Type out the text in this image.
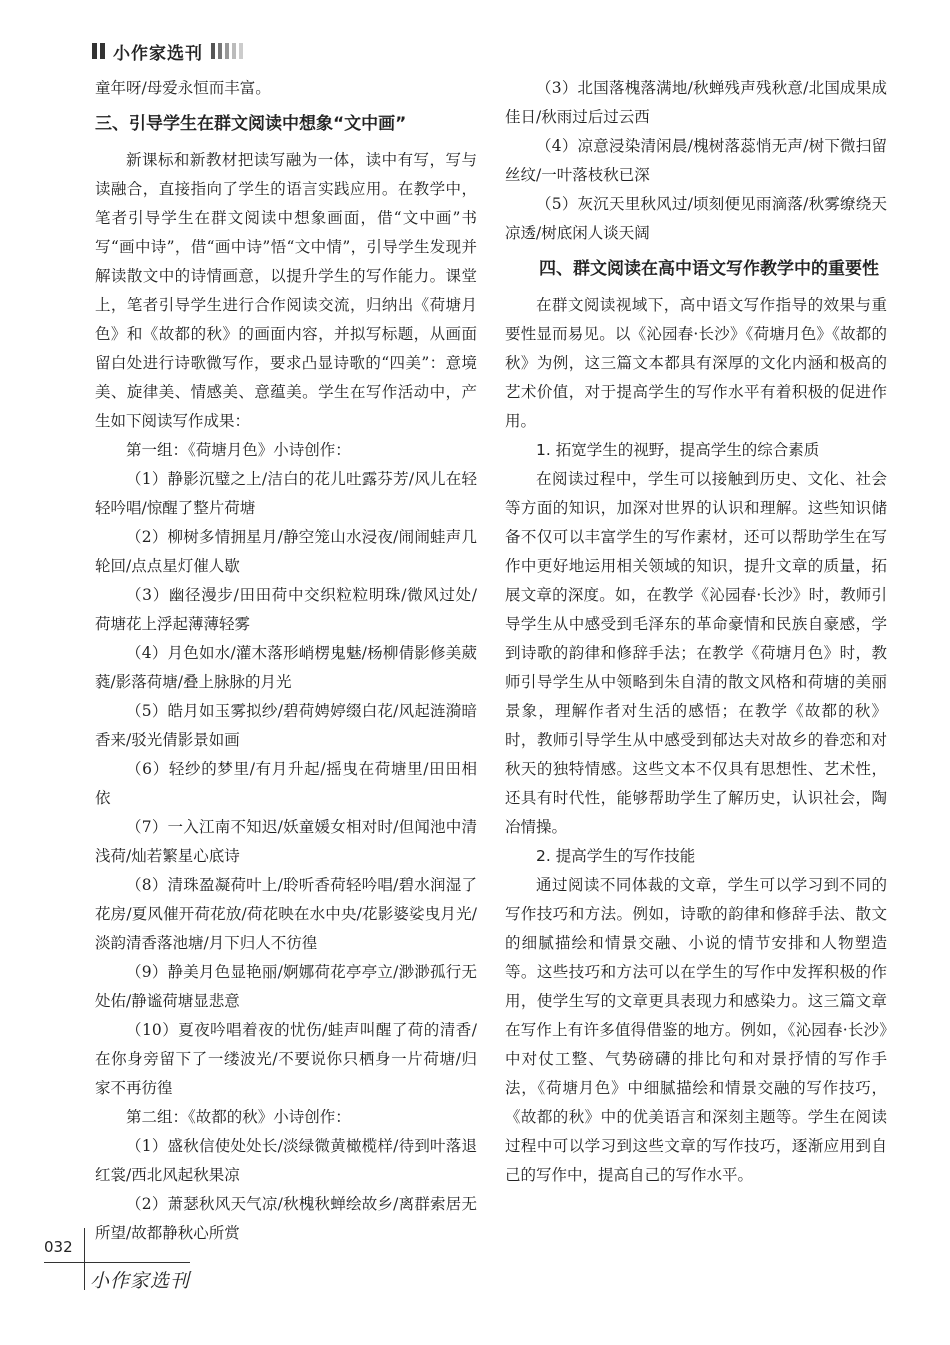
小作家选刊

童年呀/母爱永恒而丰富。

三、引导学生在群文阅读中想象“文中画”

新课标和新教材把读写融为一体，读中有写，写与读融合，直接指向了学生的语言实践应用。在教学中，笔者引导学生在群文阅读中想象画面，借“文中画”书写“画中诗”，借“画中诗”悟“文中情”，引导学生发现并解读散文中的诗情画意，以提升学生的写作能力。课堂上，笔者引导学生进行合作阅读交流，归纳出《荷塘月色》和《故都的秋》的画面内容，并拟写标题，从画面留白处进行诗歌微写作，要求凸显诗歌的“四美”：意境美、旋律美、情感美、意蕴美。学生在写作活动中，产生如下阅读写作成果：

第一组：《荷塘月色》小诗创作：

（1）静影沉璧之上/洁白的花儿吐露芬芳/风儿在轻轻吟唱/惊醒了整片荷塘

（2）柳树多情拥星月/静空笼山水浸夜/闹闹蛙声几轮回/点点星灯催人歇

（3）幽径漫步/田田荷中交织粒粒明珠/微风过处/荷塘花上浮起薄薄轻雾

（4）月色如水/灌木落形峭楞鬼魅/杨柳倩影修美葳蕤/影落荷塘/叠上脉脉的月光

（5）皓月如玉雾拟纱/碧荷娉婷缀白花/风起涟漪暗香来/驳光倩影景如画

（6）轻纱的梦里/有月升起/摇曳在荷塘里/田田相依

（7）一入江南不知迟/妖童媛女相对时/但闻池中清浅荷/灿若繁星心底诗

（8）清珠盈凝荷叶上/聆听香荷轻吟唱/碧水润湿了花房/夏风催开荷花放/荷花映在水中央/花影婆娑曳月光/淡韵清香落池塘/月下归人不彷徨

（9）静美月色显艳丽/婀娜荷花亭亭立/渺渺孤行无处佑/静谧荷塘显悲意

（10）夏夜吟唱着夜的忧伤/蛙声叫醒了荷的清香/在你身旁留下了一缕波光/不要说你只栖身一片荷塘/归家不再彷徨

第二组：《故都的秋》小诗创作：

（1）盛秋信使处处长/淡绿微黄橄榄样/待到叶落退红裳/西北风起秋果凉

（2）萧瑟秋风天气凉/秋槐秋蝉绘故乡/离群索居无所望/故都静秋心所赏

（3）北国落槐落满地/秋蝉残声残秋意/北国成果成佳日/秋雨过后过云西

（4）凉意浸染清闲晨/槐树落蕊悄无声/树下微扫留丝纹/一叶落枝秋已深

（5）灰沉天里秋风过/顷刻便见雨滴落/秋雾缭绕天凉透/树底闲人谈天阔

四、群文阅读在高中语文写作教学中的重要性

在群文阅读视域下，高中语文写作指导的效果与重要性显而易见。以《沁园春·长沙》《荷塘月色》《故都的秋》为例，这三篇文本都具有深厚的文化内涵和极高的艺术价值，对于提高学生的写作水平有着积极的促进作用。

1. 拓宽学生的视野，提高学生的综合素质

在阅读过程中，学生可以接触到历史、文化、社会等方面的知识，加深对世界的认识和理解。这些知识储备不仅可以丰富学生的写作素材，还可以帮助学生在写作中更好地运用相关领域的知识，提升文章的质量，拓展文章的深度。如，在教学《沁园春·长沙》时，教师引导学生从中感受到毛泽东的革命豪情和民族自豪感，学到诗歌的韵律和修辞手法；在教学《荷塘月色》时，教师引导学生从中领略到朱自清的散文风格和荷塘的美丽景象，理解作者对生活的感悟；在教学《故都的秋》时，教师引导学生从中感受到郁达夫对故乡的眷恋和对秋天的独特情感。这些文本不仅具有思想性、艺术性，还具有时代性，能够帮助学生了解历史，认识社会，陶冶情操。

2. 提高学生的写作技能

通过阅读不同体裁的文章，学生可以学习到不同的写作技巧和方法。例如，诗歌的韵律和修辞手法、散文的细腻描绘和情景交融、小说的情节安排和人物塑造等。这些技巧和方法可以在学生的写作中发挥积极的作用，使学生写的文章更具表现力和感染力。这三篇文章在写作上有许多值得借鉴的地方。例如，《沁园春·长沙》中对仗工整、气势磅礴的排比句和对景抒情的写作手法，《荷塘月色》中细腻描绘和情景交融的写作技巧，《故都的秋》中的优美语言和深刻主题等。学生在阅读过程中可以学习到这些文章的写作技巧，逐渐应用到自己的写作中，提高自己的写作水平。

032
小作家选刊
